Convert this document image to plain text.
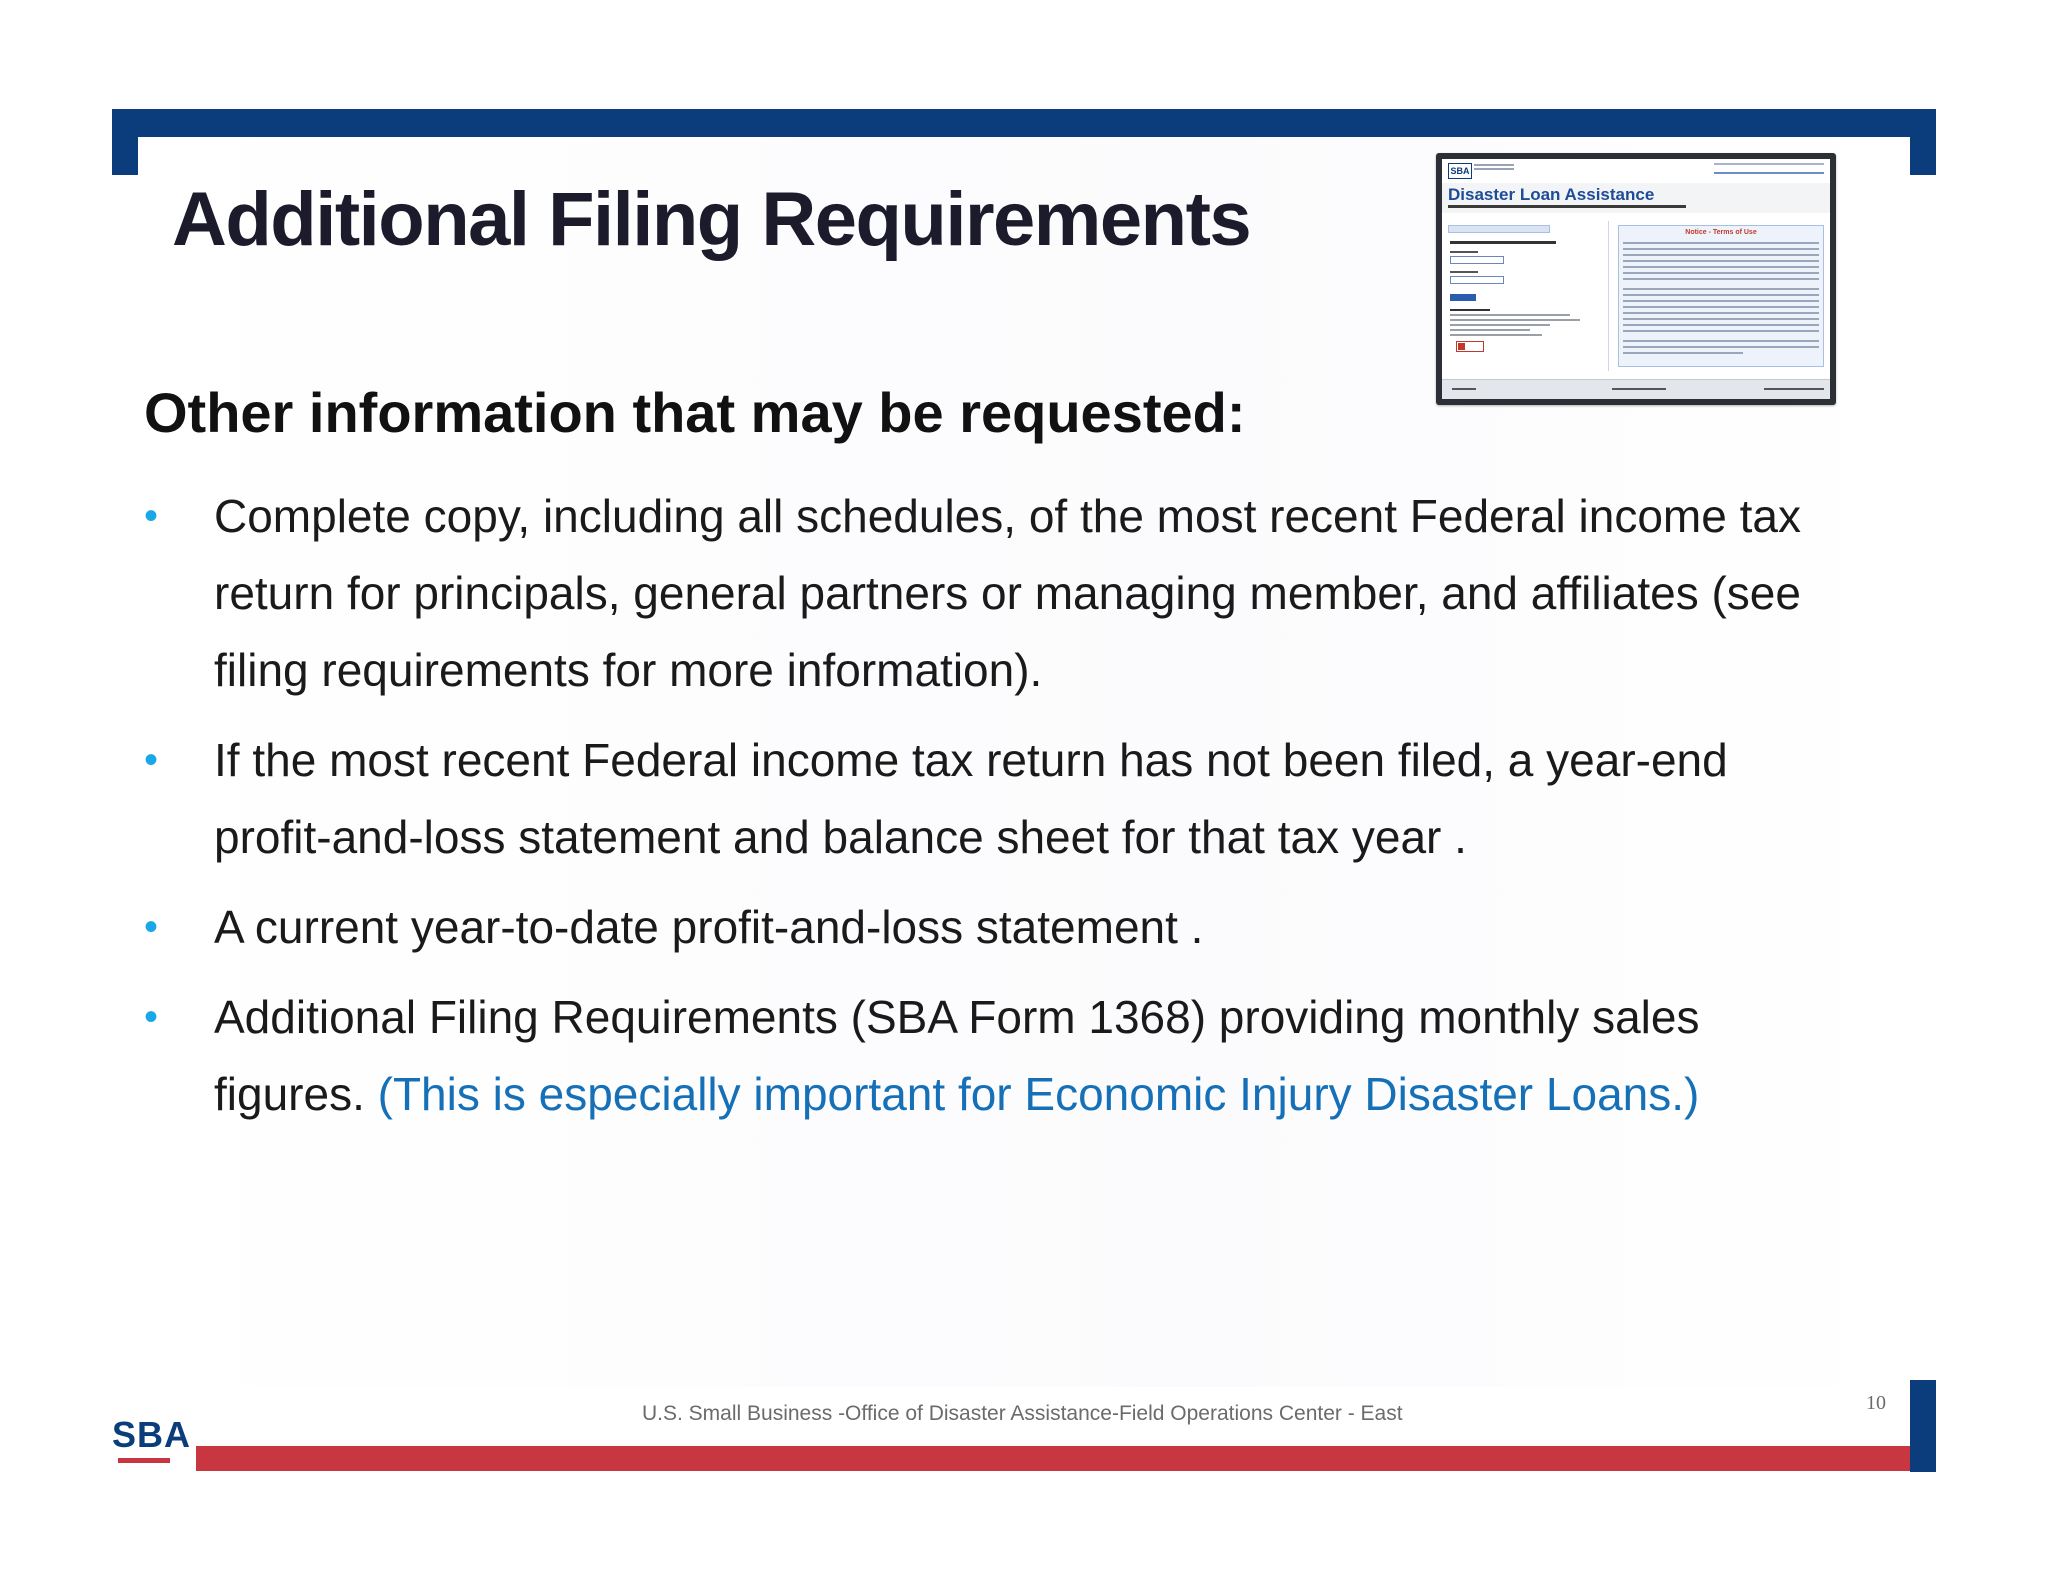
Additional Filing Requirements
SBA
Disaster Loan Assistance
Notice - Terms of Use
Other information that may be requested:
• Complete copy, including all schedules, of the most recent Federal income tax return for principals, general partners or managing member, and affiliates (see filing requirements for more information).
• If the most recent Federal income tax return has not been filed, a year-end profit-and-loss statement and balance sheet for that tax year .
• A current year-to-date profit-and-loss statement .
• Additional Filing Requirements (SBA Form 1368) providing monthly sales figures. (This is especially important for Economic Injury Disaster Loans.)
U.S. Small Business -Office of Disaster Assistance-Field Operations Center - East	10
SBA
